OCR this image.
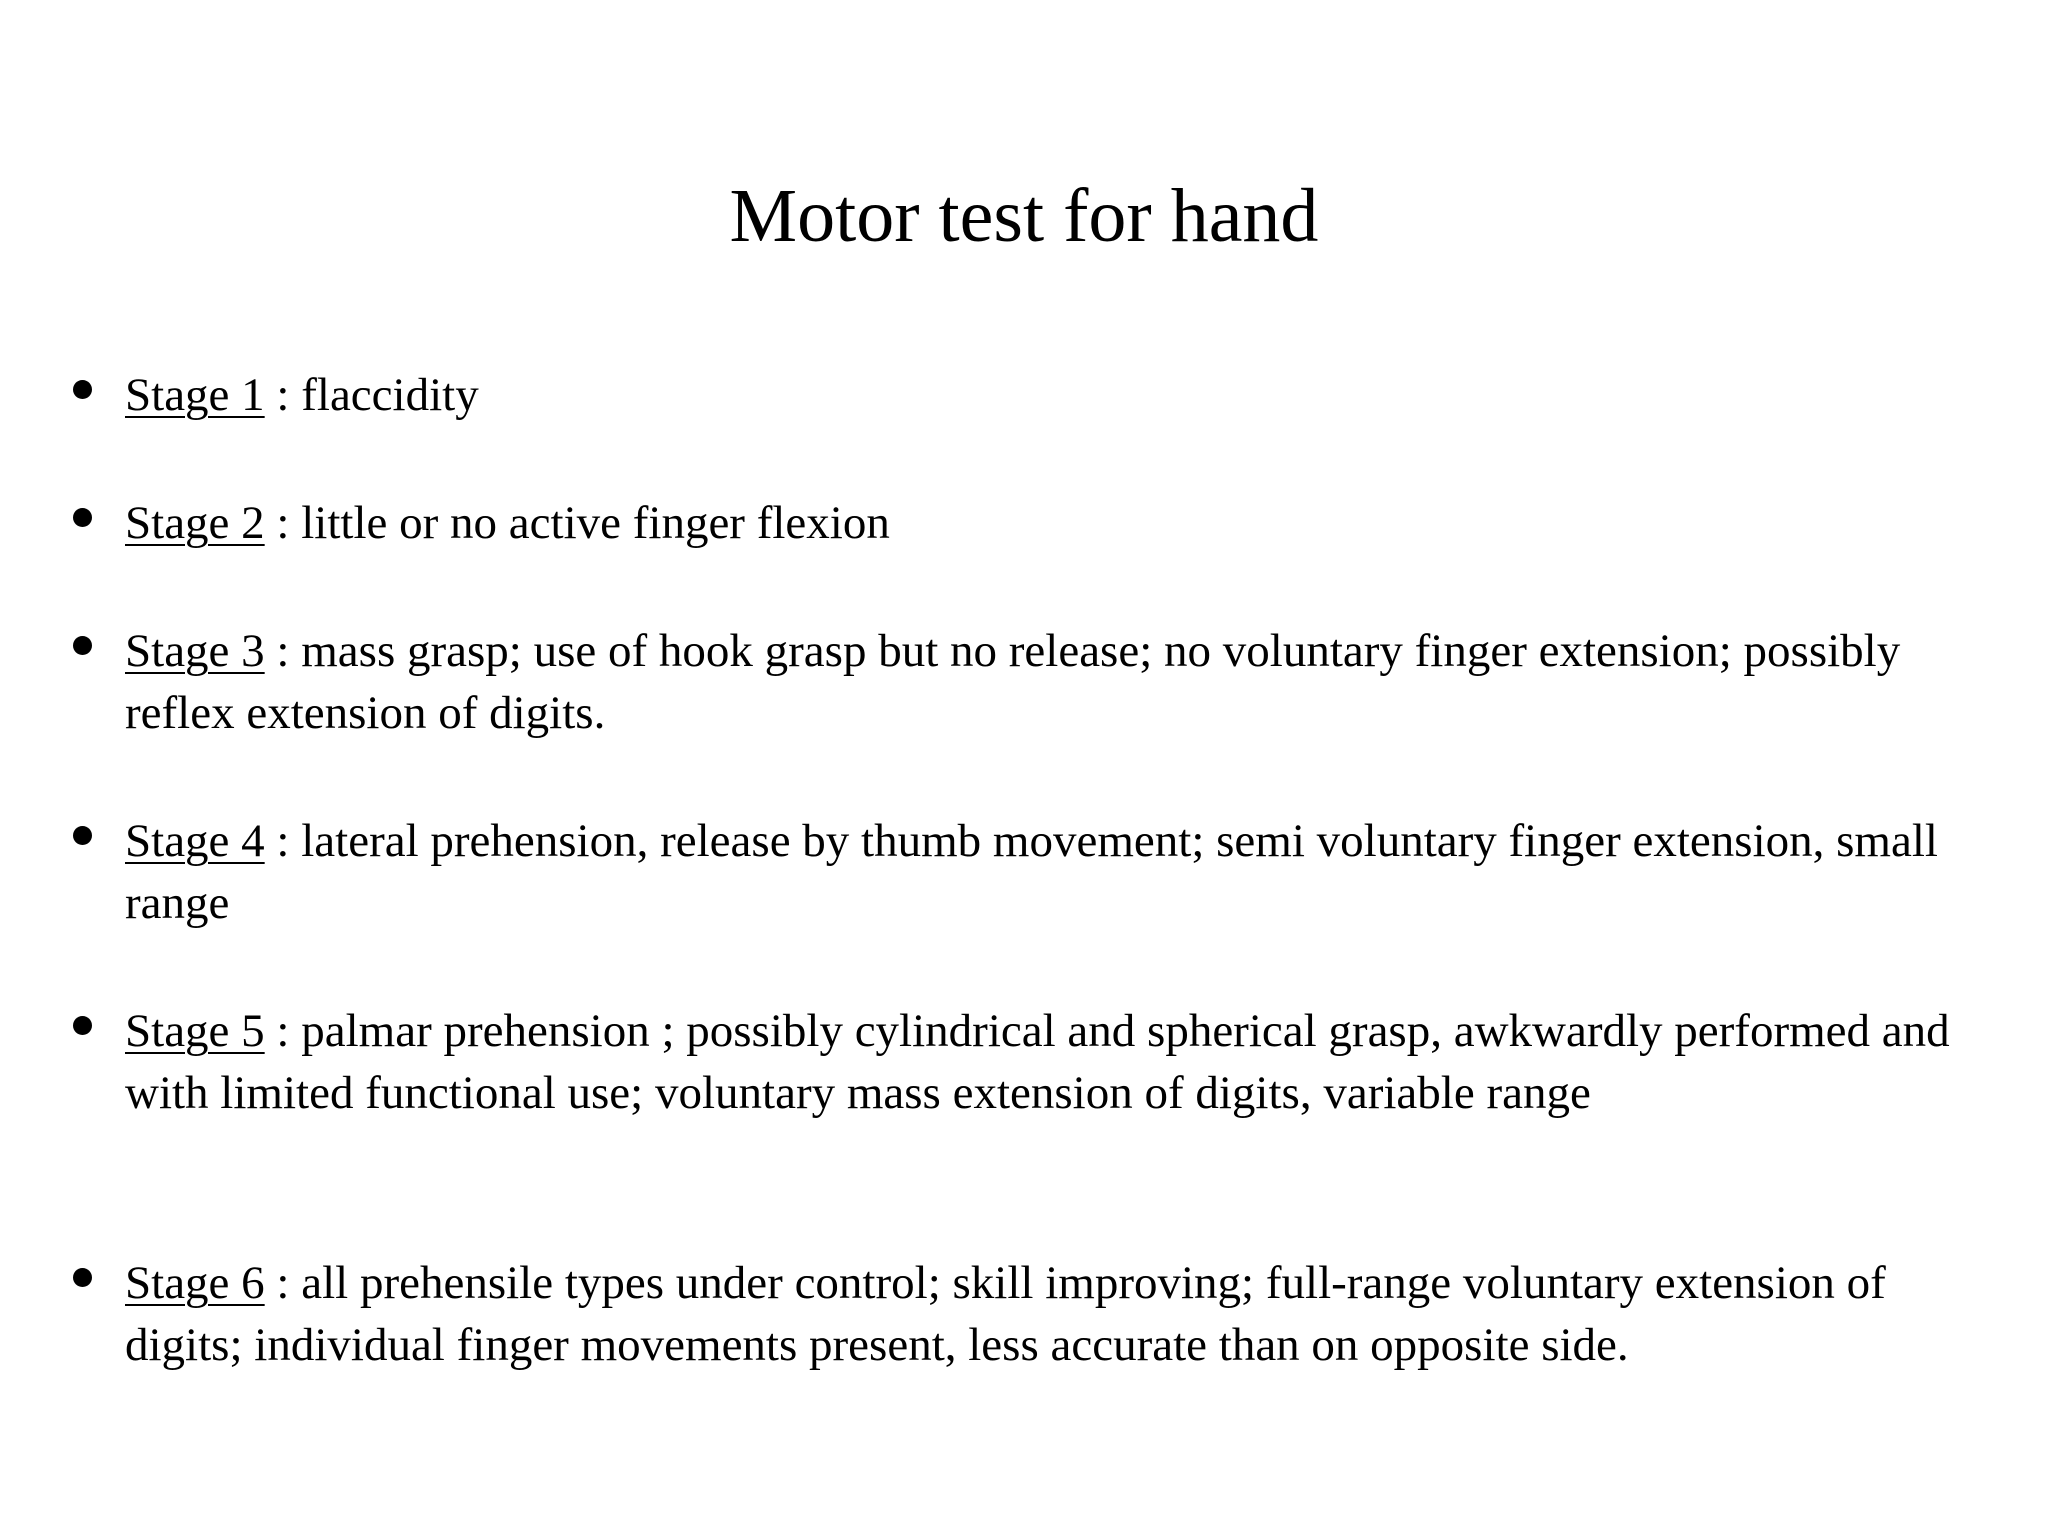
Motor test for hand
Stage 1 : flaccidity
Stage 2 : little or no active finger flexion
Stage 3 : mass grasp; use of hook grasp but no release; no voluntary finger extension; possibly reflex extension of digits.
Stage 4 : lateral prehension, release by thumb movement; semi voluntary finger extension, small range
Stage 5 : palmar prehension ; possibly cylindrical and spherical grasp, awkwardly performed and with limited functional use; voluntary mass extension of digits, variable range
Stage 6 : all prehensile types under control; skill improving; full-range voluntary extension of digits; individual finger movements present, less accurate than on opposite side.
